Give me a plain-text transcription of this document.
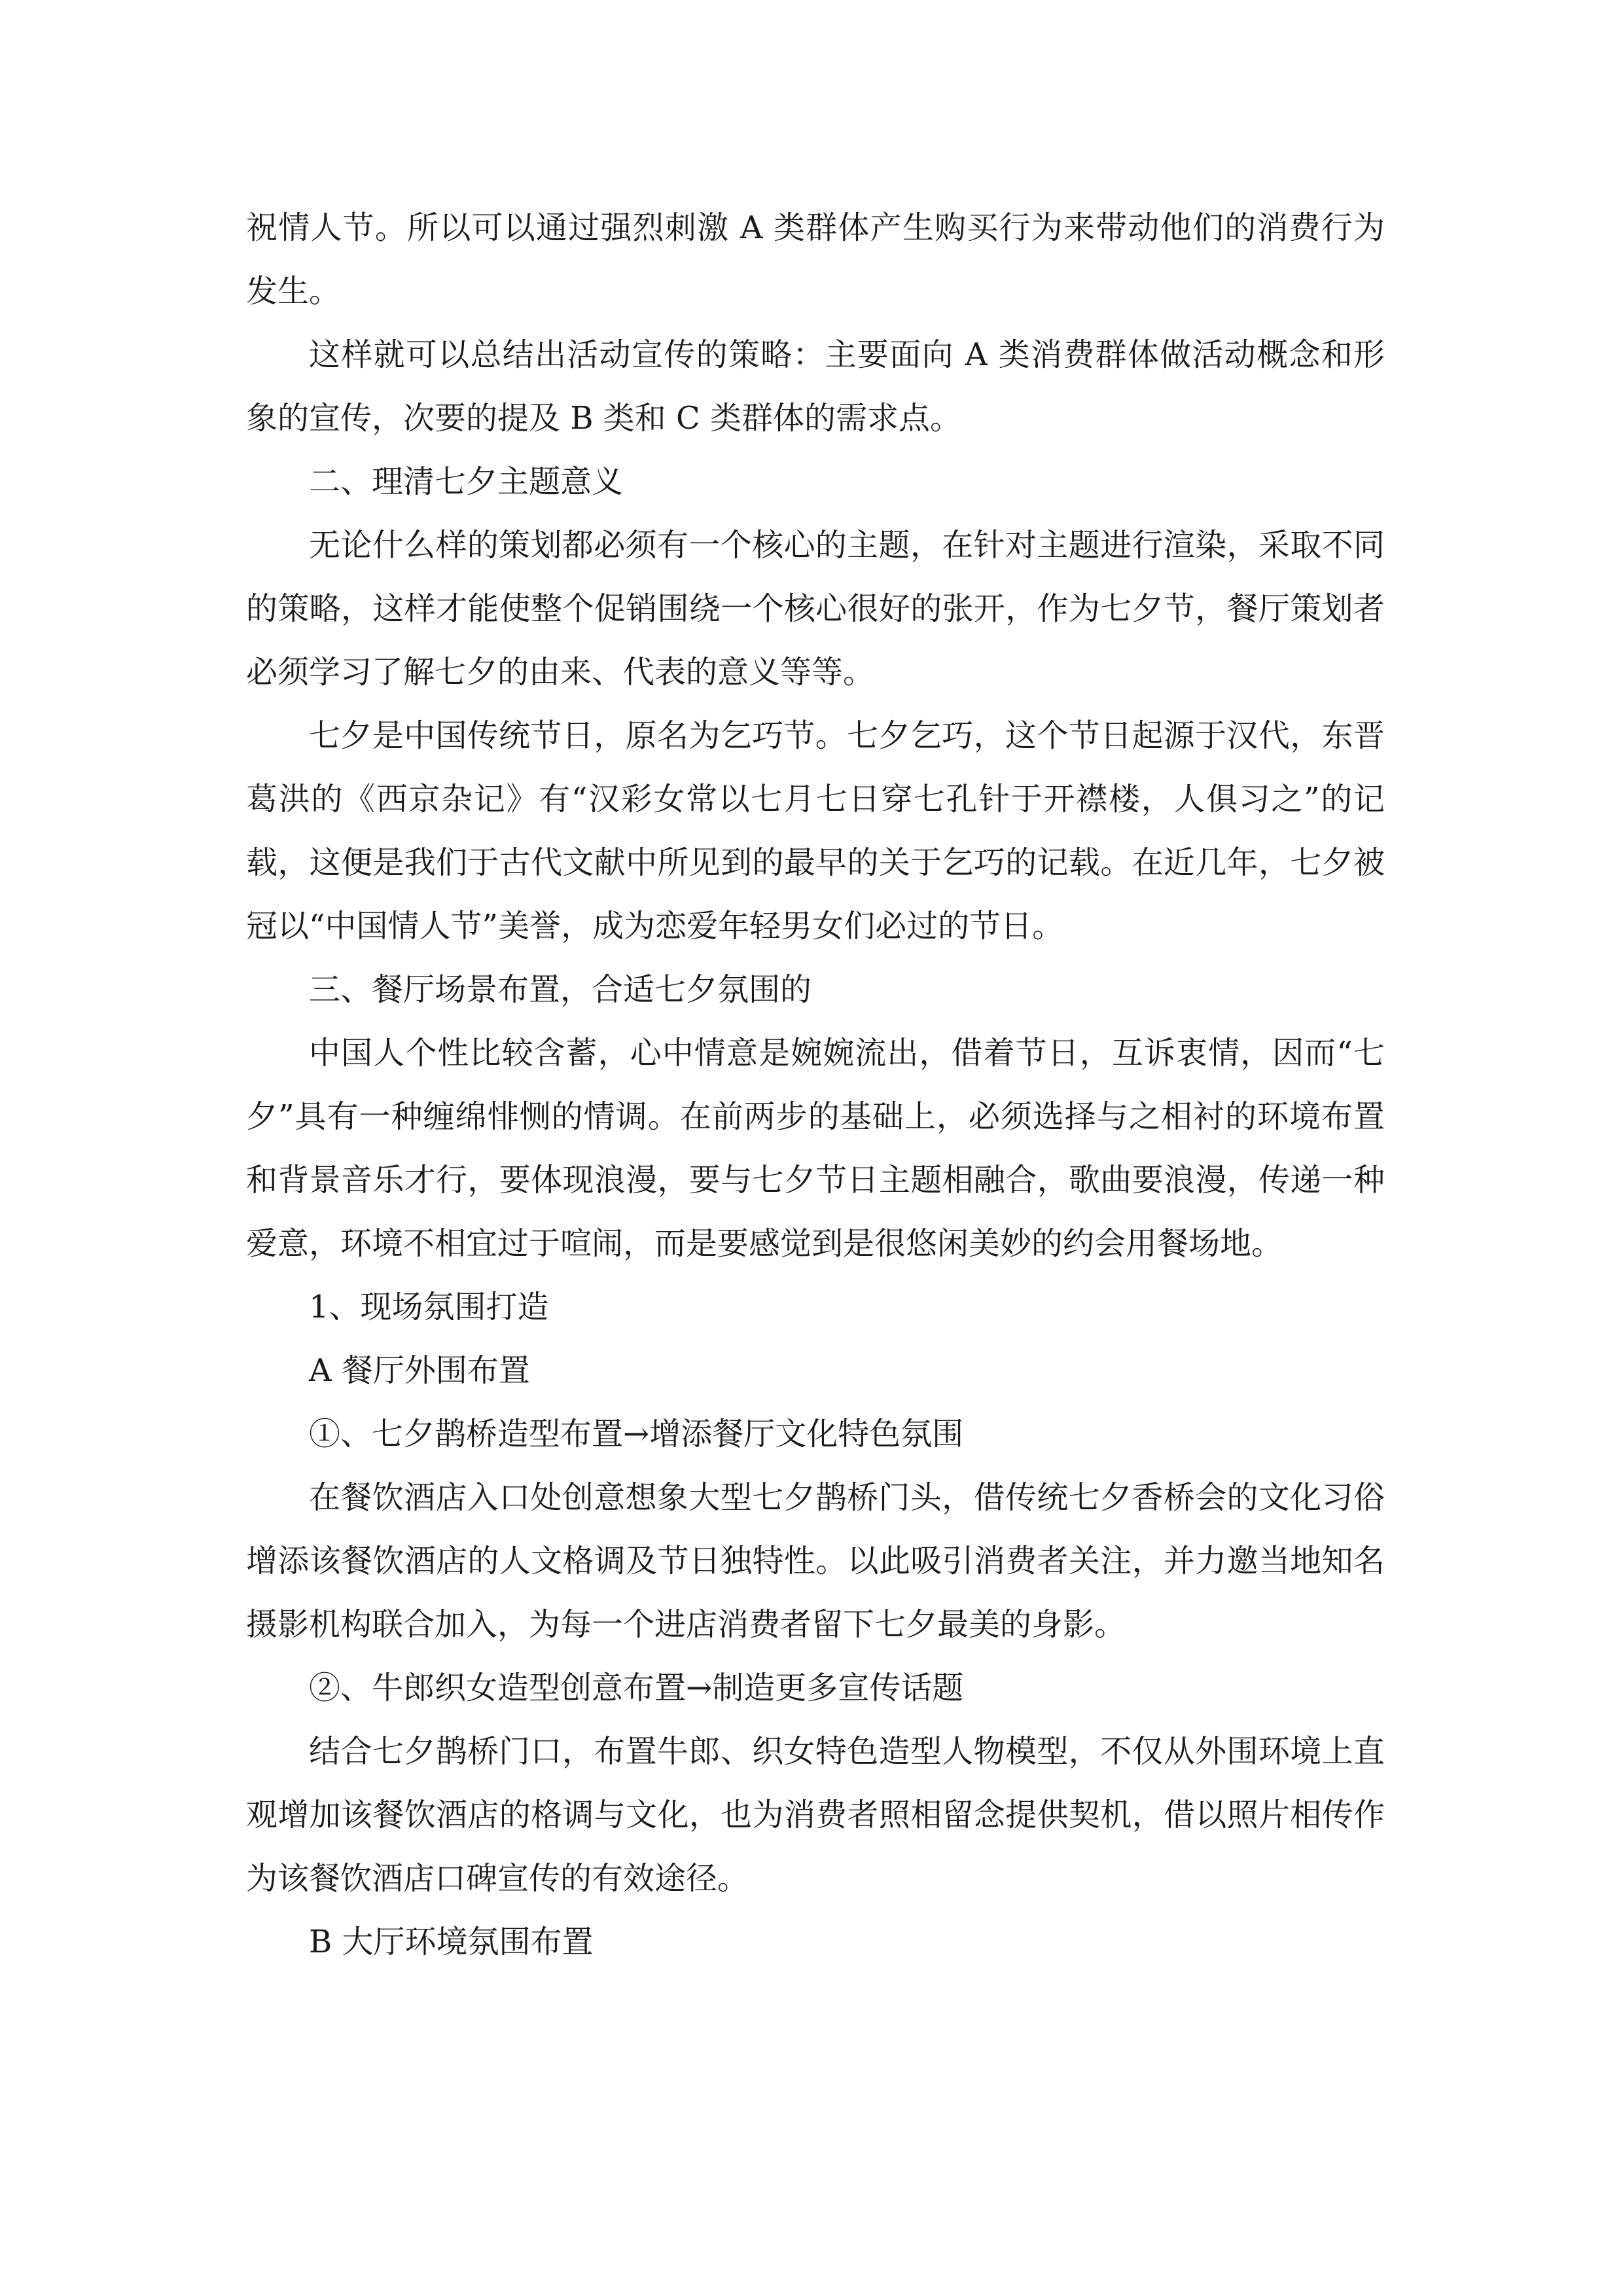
祝情人节。所以可以通过强烈刺激 A 类群体产生购买行为来带动他们的消费行为发生。

这样就可以总结出活动宣传的策略：主要面向 A 类消费群体做活动概念和形象的宣传，次要的提及 B 类和 C 类群体的需求点。

二、理清七夕主题意义

无论什么样的策划都必须有一个核心的主题，在针对主题进行渲染，采取不同的策略，这样才能使整个促销围绕一个核心很好的张开，作为七夕节，餐厅策划者必须学习了解七夕的由来、代表的意义等等。

七夕是中国传统节日，原名为乞巧节。七夕乞巧，这个节日起源于汉代，东晋葛洪的《西京杂记》有“汉彩女常以七月七日穿七孔针于开襟楼，人俱习之”的记载，这便是我们于古代文献中所见到的最早的关于乞巧的记载。在近几年，七夕被冠以“中国情人节”美誉，成为恋爱年轻男女们必过的节日。

三、餐厅场景布置，合适七夕氛围的

中国人个性比较含蓄，心中情意是婉婉流出，借着节日，互诉衷情，因而“七夕”具有一种缠绵悱恻的情调。在前两步的基础上，必须选择与之相衬的环境布置和背景音乐才行，要体现浪漫，要与七夕节日主题相融合，歌曲要浪漫，传递一种爱意，环境不相宜过于喧闹，而是要感觉到是很悠闲美妙的约会用餐场地。

1、现场氛围打造

A 餐厅外围布置

①、七夕鹊桥造型布置→增添餐厅文化特色氛围

在餐饮酒店入口处创意想象大型七夕鹊桥门头，借传统七夕香桥会的文化习俗增添该餐饮酒店的人文格调及节日独特性。以此吸引消费者关注，并力邀当地知名摄影机构联合加入，为每一个进店消费者留下七夕最美的身影。

②、牛郎织女造型创意布置→制造更多宣传话题

结合七夕鹊桥门口，布置牛郎、织女特色造型人物模型，不仅从外围环境上直观增加该餐饮酒店的格调与文化，也为消费者照相留念提供契机，借以照片相传作为该餐饮酒店口碑宣传的有效途径。

B 大厅环境氛围布置
